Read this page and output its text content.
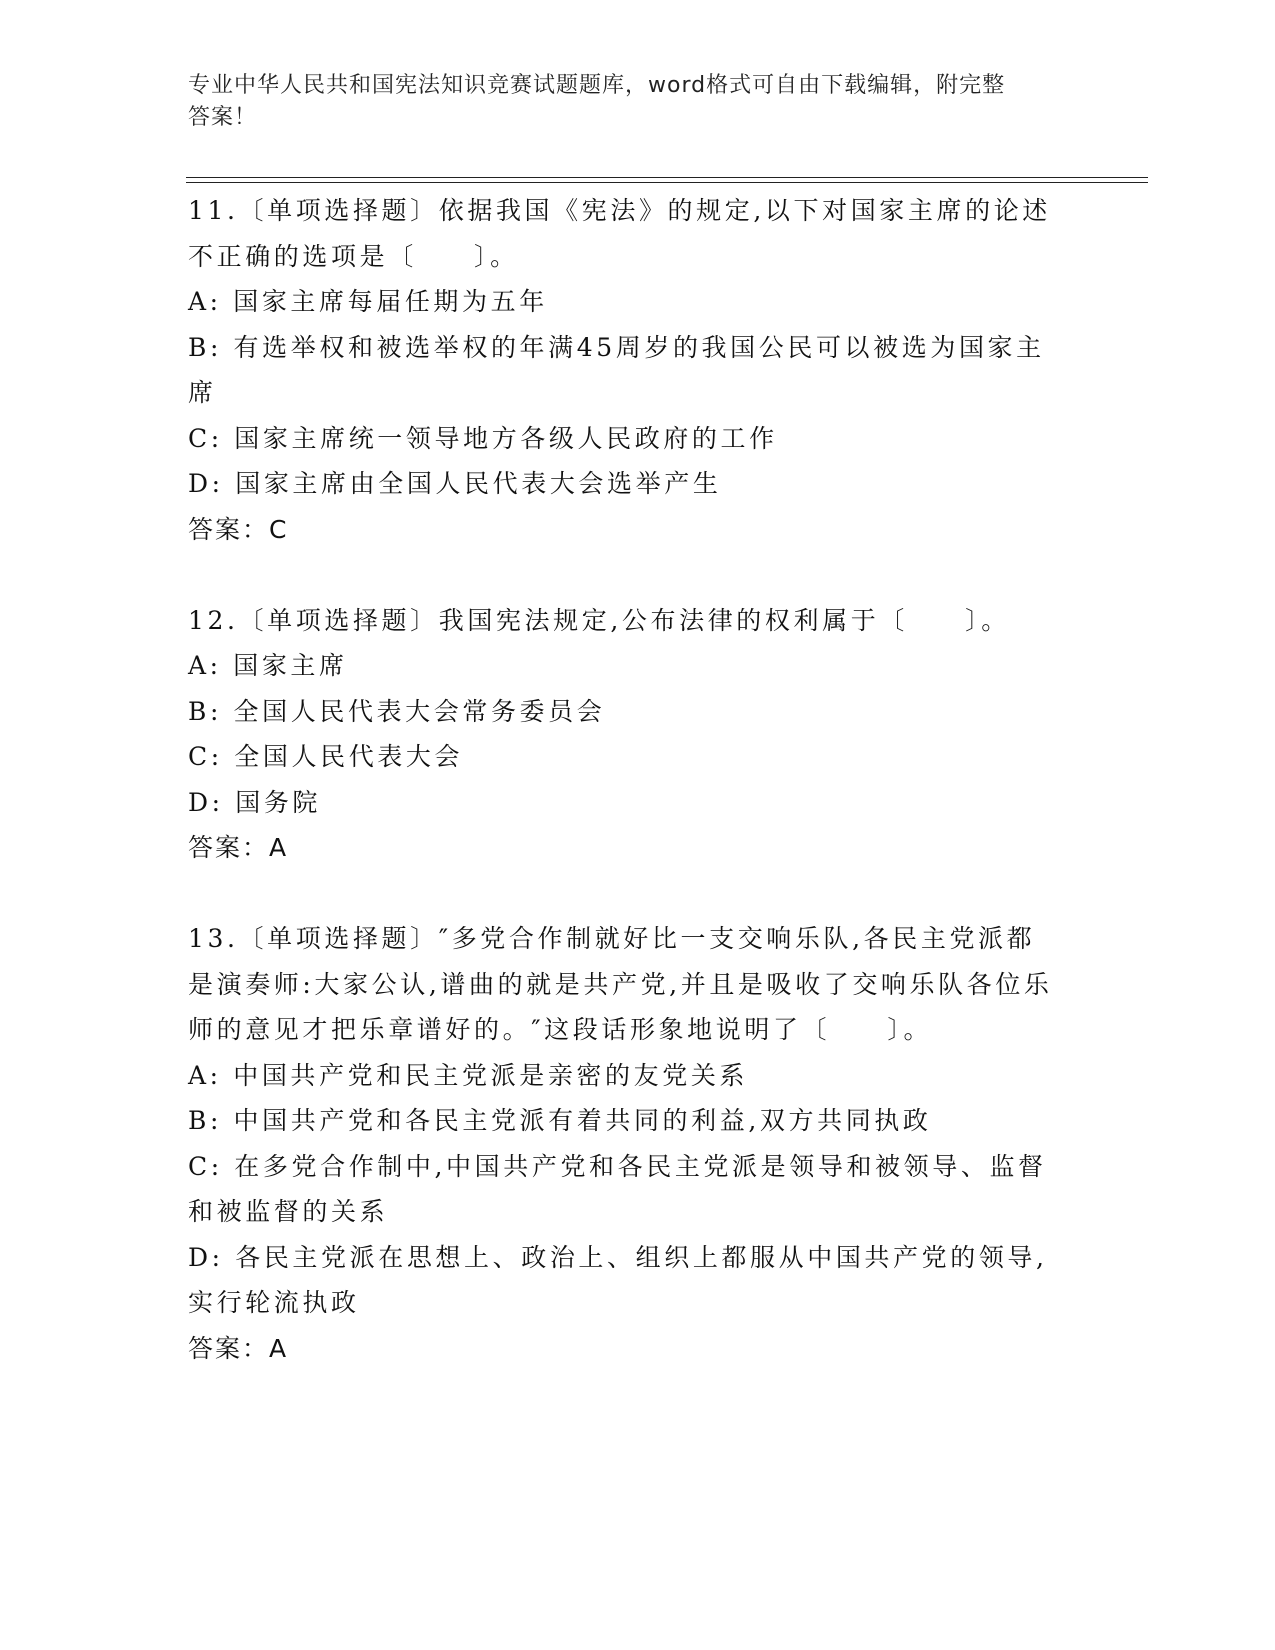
专业中华人民共和国宪法知识竞赛试题题库，word格式可自由下载编辑，附完整
答案！
11.〔单项选择题〕依据我国《宪法》的规定,以下对国家主席的论述
不正确的选项是〔　　〕。
A: 国家主席每届任期为五年
B: 有选举权和被选举权的年满45周岁的我国公民可以被选为国家主
席
C: 国家主席统一领导地方各级人民政府的工作
D: 国家主席由全国人民代表大会选举产生
答案：C
12.〔单项选择题〕我国宪法规定,公布法律的权利属于〔　　〕。
A: 国家主席
B: 全国人民代表大会常务委员会
C: 全国人民代表大会
D: 国务院
答案：A
13.〔单项选择题〕″多党合作制就好比一支交响乐队,各民主党派都
是演奏师:大家公认,谱曲的就是共产党,并且是吸收了交响乐队各位乐
师的意见才把乐章谱好的。″这段话形象地说明了〔　　〕。
A: 中国共产党和民主党派是亲密的友党关系
B: 中国共产党和各民主党派有着共同的利益,双方共同执政
C: 在多党合作制中,中国共产党和各民主党派是领导和被领导、监督
和被监督的关系
D: 各民主党派在思想上、政治上、组织上都服从中国共产党的领导,
实行轮流执政
答案：A
